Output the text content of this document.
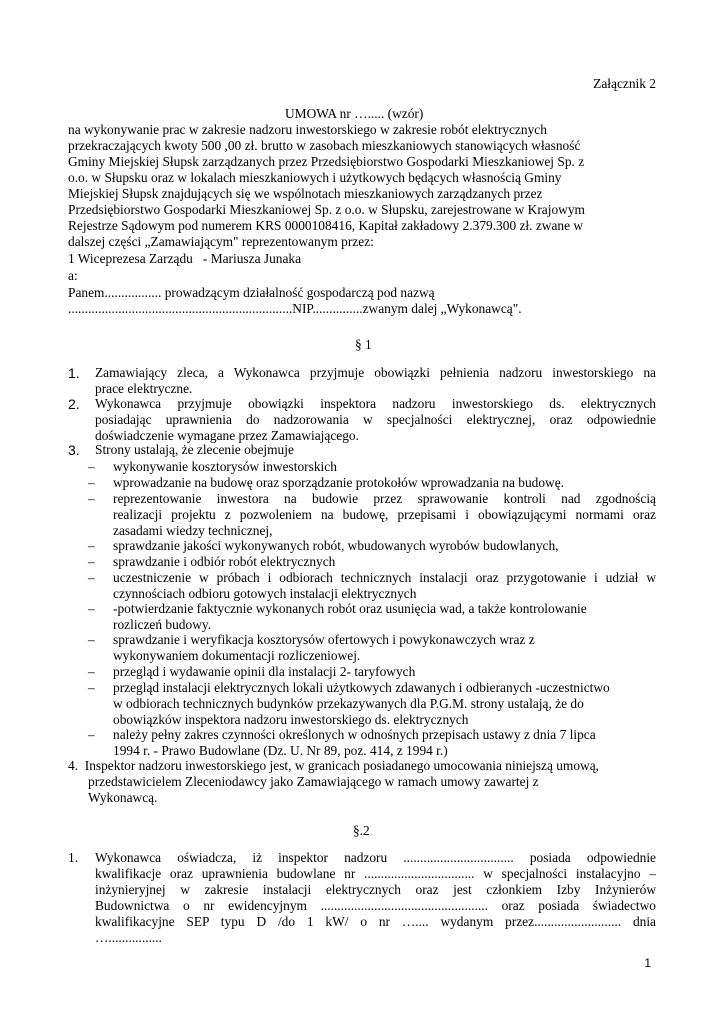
Załącznik 2
UMOWA nr …..... (wzór)
na wykonywanie prac w zakresie nadzoru inwestorskiego w zakresie robót elektrycznych
przekraczających kwoty 500 ,00 zł. brutto w zasobach mieszkaniowych stanowiących własność
Gminy Miejskiej Słupsk zarządzanych przez Przedsiębiorstwo Gospodarki Mieszkaniowej Sp. z
o.o. w Słupsku oraz w lokalach mieszkaniowych i użytkowych będących własnością Gminy
Miejskiej Słupsk znajdujących się we wspólnotach mieszkaniowych zarządzanych przez
Przedsiębiorstwo Gospodarki Mieszkaniowej Sp. z o.o. w Słupsku, zarejestrowane w Krajowym
Rejestrze Sądowym pod numerem KRS 0000108416, Kapitał zakładowy 2.379.300 zł. zwane w
dalszej części „Zamawiającym" reprezentowanym przez:
1 Wiceprezesa Zarządu   - Mariusza Junaka
a:
Panem................. prowadzącym działalność gospodarczą pod nazwą
...................................................................NIP...............zwanym dalej „Wykonawcą".
§ 1
1. Zamawiający zleca, a Wykonawca przyjmuje obowiązki pełnienia nadzoru inwestorskiego na
prace elektryczne.
2. Wykonawca przyjmuje obowiązki inspektora nadzoru inwestorskiego ds. elektrycznych
posiadając uprawnienia do nadzorowania w specjalności elektrycznej, oraz odpowiednie
doświadczenie wymagane przez Zamawiającego.
3. Strony ustalają, że zlecenie obejmuje
– wykonywanie kosztorysów inwestorskich
– wprowadzanie na budowę oraz sporządzanie protokołów wprowadzania na budowę.
– reprezentowanie inwestora na budowie przez sprawowanie kontroli nad zgodnością
realizacji projektu z pozwoleniem na budowę, przepisami i obowiązującymi normami oraz
zasadami wiedzy technicznej,
– sprawdzanie jakości wykonywanych robót, wbudowanych wyrobów budowlanych,
– sprawdzanie i odbiór robót elektrycznych
– uczestniczenie w próbach i odbiorach technicznych instalacji oraz przygotowanie i udział w
czynnościach odbioru gotowych instalacji elektrycznych
– -potwierdzanie faktycznie wykonanych robót oraz usunięcia wad, a także kontrolowanie
rozliczeń budowy.
– sprawdzanie i weryfikacja kosztorysów ofertowych i powykonawczych wraz z
wykonywaniem dokumentacji rozliczeniowej.
– przegląd i wydawanie opinii dla instalacji 2- taryfowych
– przegląd instalacji elektrycznych lokali użytkowych zdawanych i odbieranych -uczestnictwo
w odbiorach technicznych budynków przekazywanych dla P.G.M. strony ustalają, że do
obowiązków inspektora nadzoru inwestorskiego ds. elektrycznych
– należy pełny zakres czynności określonych w odnośnych przepisach ustawy z dnia 7 lipca
1994 r. - Prawo Budowlane (Dz. U. Nr 89, poz. 414, z 1994 r.)
4.  Inspektor nadzoru inwestorskiego jest, w granicach posiadanego umocowania niniejszą umową,
przedstawicielem Zleceniodawcy jako Zamawiającego w ramach umowy zawartej z
Wykonawcą.
§.2
1. Wykonawca oświadcza, iż inspektor nadzoru ................................. posiada odpowiednie
kwalifikacje oraz uprawnienia budowlane nr ................................. w specjalności instalacyjno –
inżynieryjnej w zakresie instalacji elektrycznych oraz jest członkiem Izby Inżynierów
Budownictwa o nr ewidencyjnym .................................................. oraz posiada świadectwo
kwalifikacyjne SEP typu D /do 1 kW/ o nr ….... wydanym przez.......................... dnia
…................
1
